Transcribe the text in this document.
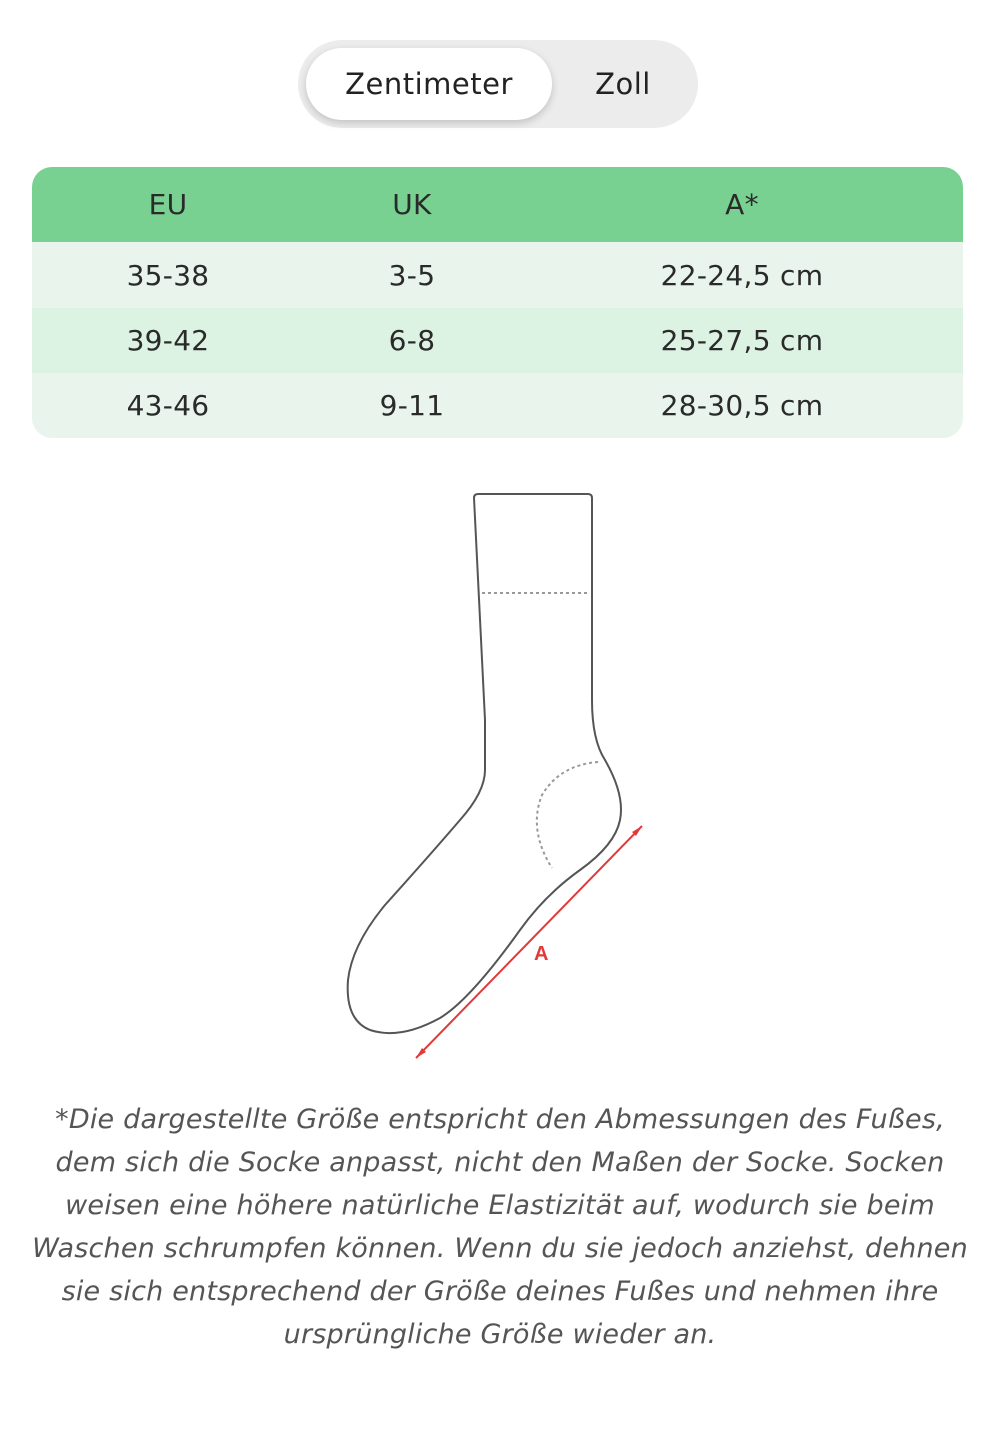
Zentimeter	Zoll
EU	UK	A*
35-38	3-5	22-24,5 cm
39-42	6-8	25-27,5 cm
43-46	9-11	28-30,5 cm
A
*Die dargestellte Größe entspricht den Abmessungen des Fußes, dem sich die Socke anpasst, nicht den Maßen der Socke. Socken weisen eine höhere natürliche Elastizität auf, wodurch sie beim Waschen schrumpfen können. Wenn du sie jedoch anziehst, dehnen sie sich entsprechend der Größe deines Fußes und nehmen ihre ursprüngliche Größe wieder an.
